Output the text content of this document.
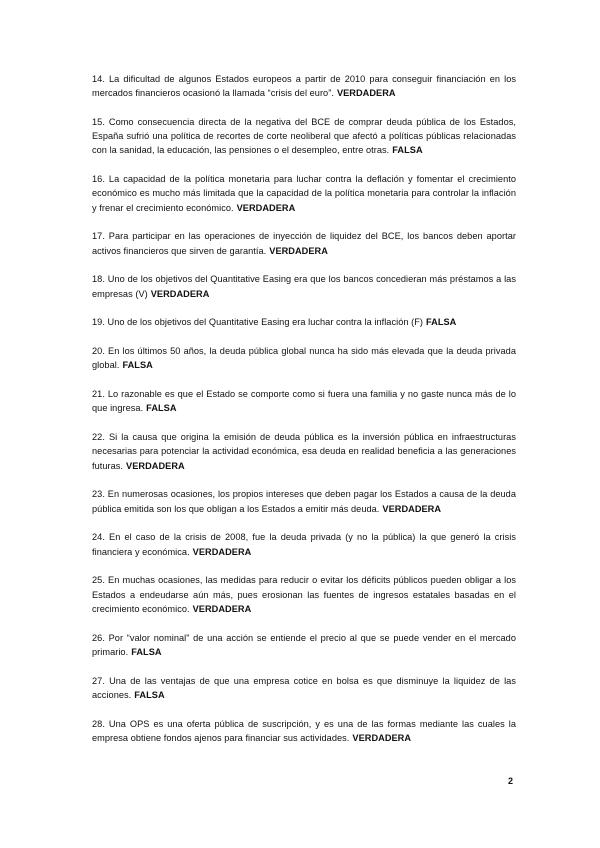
14. La dificultad de algunos Estados europeos a partir de 2010 para conseguir financiación en los mercados financieros ocasionó la llamada “crisis del euro”. VERDADERA

15. Como consecuencia directa de la negativa del BCE de comprar deuda pública de los Estados, España sufrió una política de recortes de corte neoliberal que afectó a políticas públicas relacionadas con la sanidad, la educación, las pensiones o el desempleo, entre otras. FALSA

16. La capacidad de la política monetaria para luchar contra la deflación y fomentar el crecimiento económico es mucho más limitada que la capacidad de la política monetaria para controlar la inflación y frenar el crecimiento económico. VERDADERA

17. Para participar en las operaciones de inyección de liquidez del BCE, los bancos deben aportar activos financieros que sirven de garantía. VERDADERA

18. Uno de los objetivos del Quantitative Easing era que los bancos concedieran más préstamos a las empresas (V) VERDADERA

19. Uno de los objetivos del Quantitative Easing era luchar contra la inflación (F) FALSA

20. En los últimos 50 años, la deuda pública global nunca ha sido más elevada que la deuda privada global. FALSA

21. Lo razonable es que el Estado se comporte como si fuera una familia y no gaste nunca más de lo que ingresa. FALSA

22. Si la causa que origina la emisión de deuda pública es la inversión pública en infraestructuras necesarias para potenciar la actividad económica, esa deuda en realidad beneficia a las generaciones futuras. VERDADERA

23. En numerosas ocasiones, los propios intereses que deben pagar los Estados a causa de la deuda pública emitida son los que obligan a los Estados a emitir más deuda. VERDADERA

24. En el caso de la crisis de 2008, fue la deuda privada (y no la pública) la que generó la crisis financiera y económica. VERDADERA

25. En muchas ocasiones, las medidas para reducir o evitar los déficits públicos pueden obligar a los Estados a endeudarse aún más, pues erosionan las fuentes de ingresos estatales basadas en el crecimiento económico. VERDADERA

26. Por “valor nominal” de una acción se entiende el precio al que se puede vender en el mercado primario. FALSA

27. Una de las ventajas de que una empresa cotice en bolsa es que disminuye la liquidez de las acciones. FALSA

28. Una OPS es una oferta pública de suscripción, y es una de las formas mediante las cuales la empresa obtiene fondos ajenos para financiar sus actividades. VERDADERA

2
